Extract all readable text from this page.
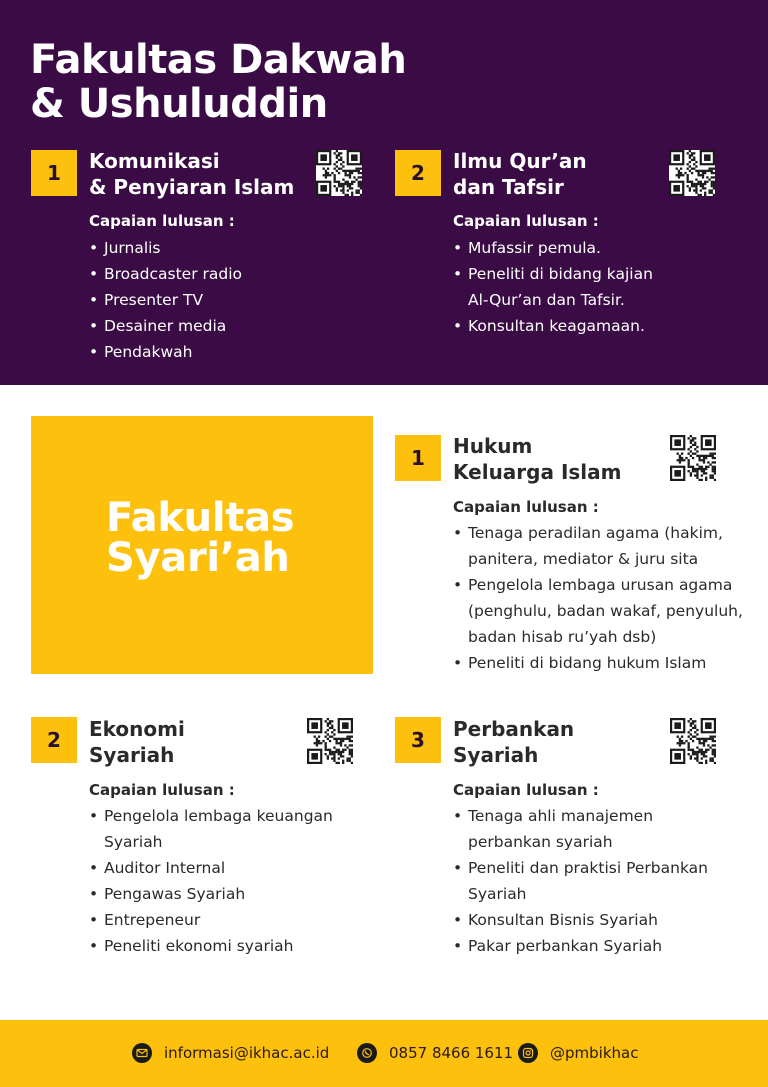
Fakultas Dakwah
& Ushuluddin
1	Komunikasi
& Penyiaran Islam
Capaian lulusan :
• Jurnalis
• Broadcaster radio
• Presenter TV
• Desainer media
• Pendakwah
2	Ilmu Qur’an
dan Tafsir
Capaian lulusan :
• Mufassir pemula.
• Peneliti di bidang kajian Al-Qur’an dan Tafsir.
• Konsultan keagamaan.
Fakultas
Syari’ah
1	Hukum
Keluarga Islam
Capaian lulusan :
• Tenaga peradilan agama (hakim, panitera, mediator & juru sita
• Pengelola lembaga urusan agama (penghulu, badan wakaf, penyuluh, badan hisab ru’yah dsb)
• Peneliti di bidang hukum Islam
2	Ekonomi
Syariah
Capaian lulusan :
• Pengelola lembaga keuangan Syariah
• Auditor Internal
• Pengawas Syariah
• Entrepeneur
• Peneliti ekonomi syariah
3	Perbankan
Syariah
Capaian lulusan :
• Tenaga ahli manajemen perbankan syariah
• Peneliti dan praktisi Perbankan Syariah
• Konsultan Bisnis Syariah
• Pakar perbankan Syariah
informasi@ikhac.ac.id	0857 8466 1611 @pmbikhac
